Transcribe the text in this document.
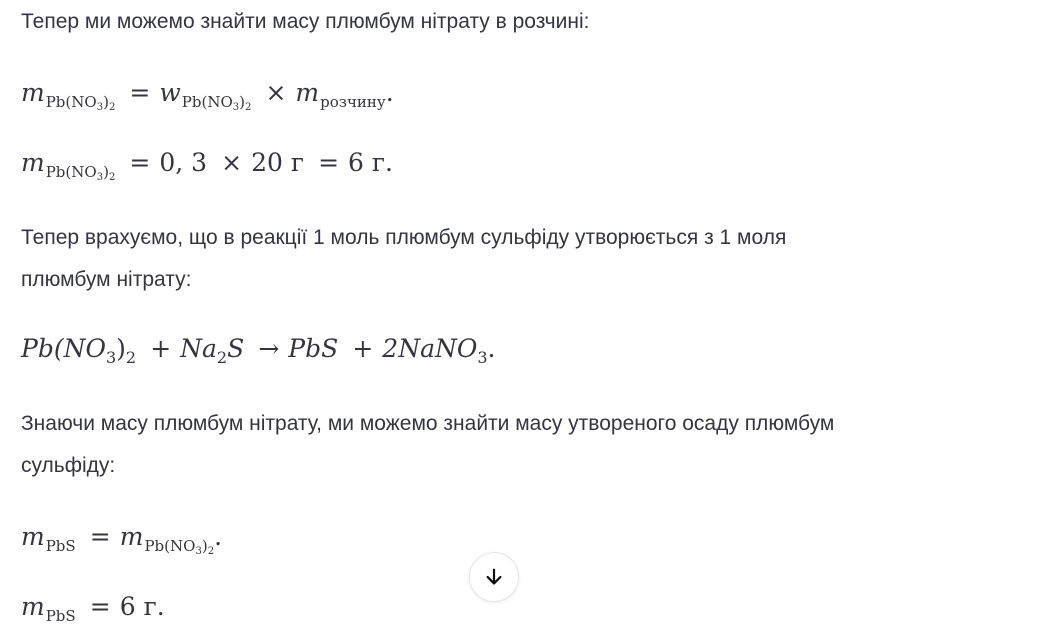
Тепер ми можемо знайти масу плюмбум нітрату в розчині:
$mPb(NO_3)_2 = wPb(NO_3)_2$ × mрозчину.
$mPb(NO_3)_2 = 0$, 3 × 20 г = 6 г.
Тепер врахуємо, що в реакції 1 моль плюмбум сульфіду утворюється з 1 моля
плюмбум нітрату:
Pb(NO3)2 + Na2S → PbS + 2NaNO3.
Знаючи масу плюмбум нітрату, ми можемо знайти масу утвореного осаду плюмбум
сульфіду:
mPbS = $mPb(NO_3)_2$.
mPbS = 6 г.
